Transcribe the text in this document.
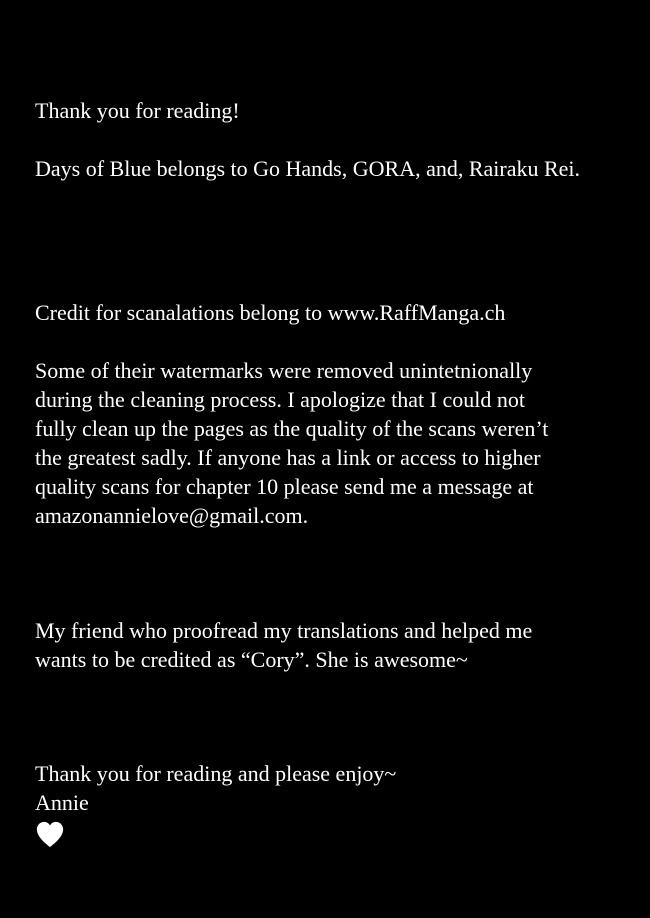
Thank you for reading!
Days of Blue belongs to Go Hands, GORA, and, Rairaku Rei.
Credit for scanalations belong to www.RaffManga.ch
Some of their watermarks were removed unintetnionally
during the cleaning process. I apologize that I could not
fully clean up the pages as the quality of the scans weren’t
the greatest sadly. If anyone has a link or access to higher
quality scans for chapter 10 please send me a message at
amazonannielove@gmail.com.
My friend who proofread my translations and helped me
wants to be credited as “Cory”. She is awesome~
Thank you for reading and please enjoy~
Annie
